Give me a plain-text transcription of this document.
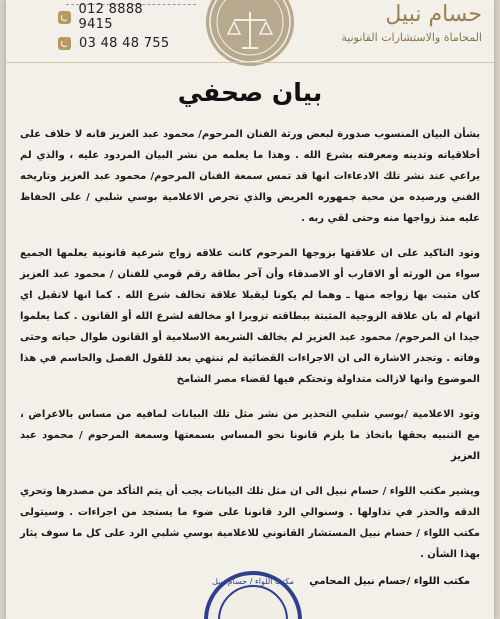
012 8888 9415
03 48 48 755
حسام نبيل
المحاماة والاستشارات القانونية
بيان صحفي

بشأن البيان المنسوب صدورة لبعض ورثة الفنان المرحوم/ محمود عبد العزيز فانه لا خلاف على أخلاقياته وتدينه ومعرفته بشرع الله . وهذا ما يعلمه من نشر البيان المردود عليه ، والذي لم يراعي عند نشر تلك الادعاءات انها قد تمس سمعة الفنان المرحوم/ محمود عبد العزيز وتاريخه الفني ورصيده من محبة جمهوره العريض والذي تحرص الاعلامية بوسي شلبي / على الحفاظ عليه منذ زواجها منه وحتى لقي ربه .

وتود التاكيد على ان علاقتها بزوجها المرحوم كانت علاقه زواج شرعية قانونية يعلمها الجميع سواء من الورثه أو الاقارب أو الاصدقاء وأن آخر بطاقة رقم قومي للفنان / محمود عبد العزيز كان مثبت بها زواجه منها ـ وهما لم يكونا ليقبلا علاقة تخالف شرع الله . كما انها لاتقبل اي اتهام له بان علاقة الزوجية المثبتة ببطاقته تزويرا او مخالفة لشرع الله أو القانون . كما يعلموا جيدا ان المرحوم/ محمود عبد العزيز لم يخالف الشريعة الاسلامية أو القانون طوال حياته وحتى وفاته . وتجدر الاشارة الى ان الاجراءات القضائية لم تنتهي بعد للقول الفصل والحاسم في هذا الموضوع وانها لازالت متداولة وتحتكم فيها لقضاء مصر الشامخ

وتود الاعلامية /بوسي شلبي التحذير من نشر مثل تلك البيانات لمافيه من مساس بالاعراض ، مع التنبيه بحقها باتخاذ ما يلزم قانونا نحو المساس بسمعتها وسمعة المرحوم / محمود عبد العزيز

ويشير مكتب اللواء / حسام نبيل الى ان مثل تلك البيانات يجب أن يتم التأكد من مصدرها وتحري الدقه والحذر في تداولها . وسنوالي الرد قانونا على ضوء ما يستجد من اجراءات . وسيتولى مكتب اللواء / حسام نبيل المستشار القانوني للاعلامية بوسي شلبي الرد على كل ما سوف يثار بهذا الشأن .

مكتب اللواء / حسام نبيل	مكتب اللواء /حسام نبيل المحامي
